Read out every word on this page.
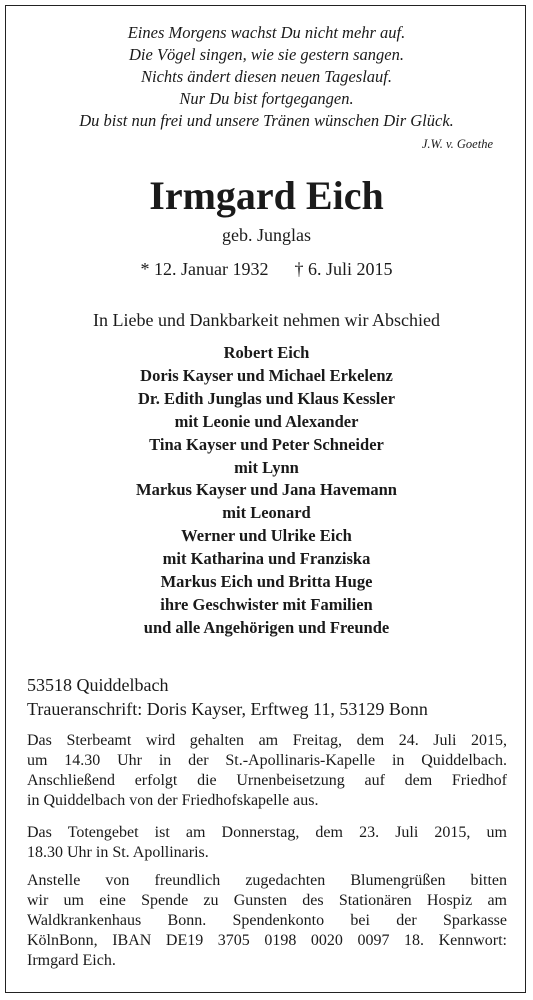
Eines Morgens wachst Du nicht mehr auf.
Die Vögel singen, wie sie gestern sangen.
Nichts ändert diesen neuen Tageslauf.
Nur Du bist fortgegangen.
Du bist nun frei und unsere Tränen wünschen Dir Glück.
J.W. v. Goethe
Irmgard Eich
geb. Junglas
* 12. Januar 1932 † 6. Juli 2015
In Liebe und Dankbarkeit nehmen wir Abschied
Robert Eich
Doris Kayser und Michael Erkelenz
Dr. Edith Junglas und Klaus Kessler
mit Leonie und Alexander
Tina Kayser und Peter Schneider
mit Lynn
Markus Kayser und Jana Havemann
mit Leonard
Werner und Ulrike Eich
mit Katharina und Franziska
Markus Eich und Britta Huge
ihre Geschwister mit Familien
und alle Angehörigen und Freunde
53518 Quiddelbach
Traueranschrift: Doris Kayser, Erftweg 11, 53129 Bonn
Das Sterbeamt wird gehalten am Freitag, dem 24. Juli 2015,
um 14.30 Uhr in der St.-Apollinaris-Kapelle in Quiddelbach.
Anschließend erfolgt die Urnenbeisetzung auf dem Friedhof
in Quiddelbach von der Friedhofskapelle aus.
Das Totengebet ist am Donnerstag, dem 23. Juli 2015, um
18.30 Uhr in St. Apollinaris.
Anstelle von freundlich zugedachten Blumengrüßen bitten
wir um eine Spende zu Gunsten des Stationären Hospiz am
Waldkrankenhaus Bonn. Spendenkonto bei der Sparkasse
KölnBonn, IBAN DE19 3705 0198 0020 0097 18. Kennwort:
Irmgard Eich.
